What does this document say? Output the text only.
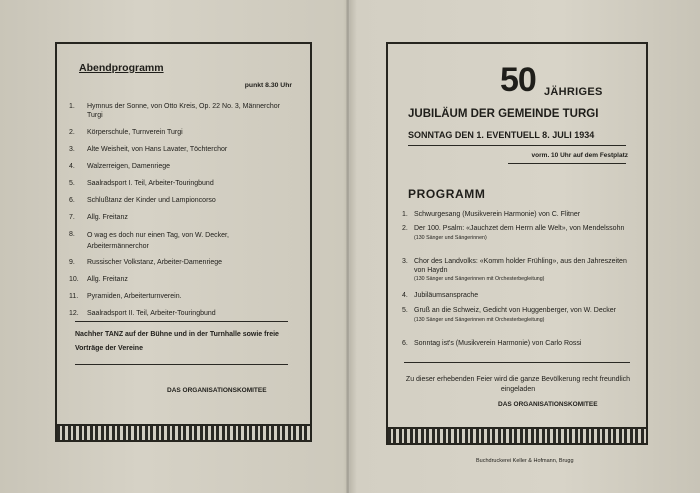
Abendprogramm
punkt 8.30 Uhr
1. Hymnus der Sonne, von Otto Kreis, Op. 22 No. 3, Männerchor Turgi
2. Körperschule, Turnverein Turgi
3. Alte Weisheit, von Hans Lavater, Töchterchor
4. Walzerreigen, Damenriege
5. Saalradsport I. Teil, Arbeiter-Touringbund
6. Schlußtanz der Kinder und Lampioncorso
7. Allg. Freitanz
8. O wag es doch nur einen Tag, von W. Decker, Arbeitermännerchor
9. Russischer Volkstanz, Arbeiter-Damenriege
10. Allg. Freitanz
11. Pyramiden, Arbeiterturnverein.
12. Saalradsport II. Teil, Arbeiter-Touringbund
Nachher TANZ auf der Bühne und in der Turnhalle sowie freie Vorträge der Vereine
DAS ORGANISATIONSKOMITEE
50 JÄHRIGES
JUBILÄUM DER GEMEINDE TURGI
SONNTAG DEN 1. EVENTUELL 8. JULI 1934
vorm. 10 Uhr auf dem Festplatz
PROGRAMM
1. Schwurgesang (Musikverein Harmonie) von C. Flitner
2. Der 100. Psalm: «Jauchzet dem Herrn alle Welt», von Mendelssohn
(130 Sänger und Sängerinnen)
3. Chor des Landvolks: «Komm holder Frühling», aus den Jahreszeiten von Haydn
(130 Sänger und Sängerinnen mit Orchesterbegleitung)
4. Jubiläumsansprache
5. Gruß an die Schweiz, Gedicht von Huggenberger, von W. Decker
(130 Sänger und Sängerinnen mit Orchesterbegleitung)
6. Sonntag ist's (Musikverein Harmonie) von Carlo Rossi
Zu dieser erhebenden Feier wird die ganze Bevölkerung recht freundlich eingeladen
DAS ORGANISATIONSKOMITEE
Buchdruckerei Keller & Hofmann, Brugg
